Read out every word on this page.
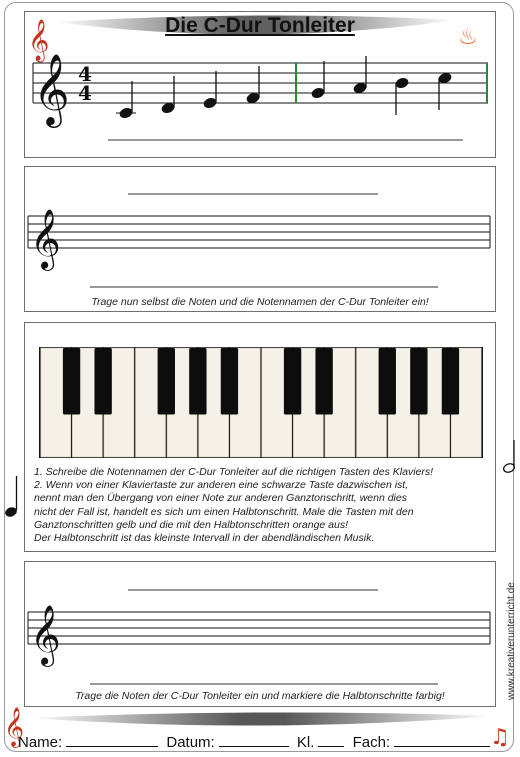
𝄞	♨
𝄞	♫
𝄞 4
4
𝄞
𝄞
Die C-Dur Tonleiter
Trage nun selbst die Noten und die Notennamen der C-Dur Tonleiter ein!
1. Schreibe die Notennamen der C-Dur Tonleiter auf die richtigen Tasten des Klaviers!
2. Wenn von einer Klaviertaste zur anderen eine schwarze Taste dazwischen ist,
nennt man den Übergang von einer Note zur anderen Ganztonschritt, wenn dies
nicht der Fall ist, handelt es sich um einen Halbtonschritt. Male die Tasten mit den
Ganztonschritten gelb und die mit den Halbtonschritten orange aus!
Der Halbtonschritt ist das kleinste Intervall in der abendländischen Musik.
Trage die Noten der C-Dur Tonleiter ein und markiere die Halbtonschritte farbig!
Name:	Datum:	Kl.	Fach:
www.kreativerunterricht.de
